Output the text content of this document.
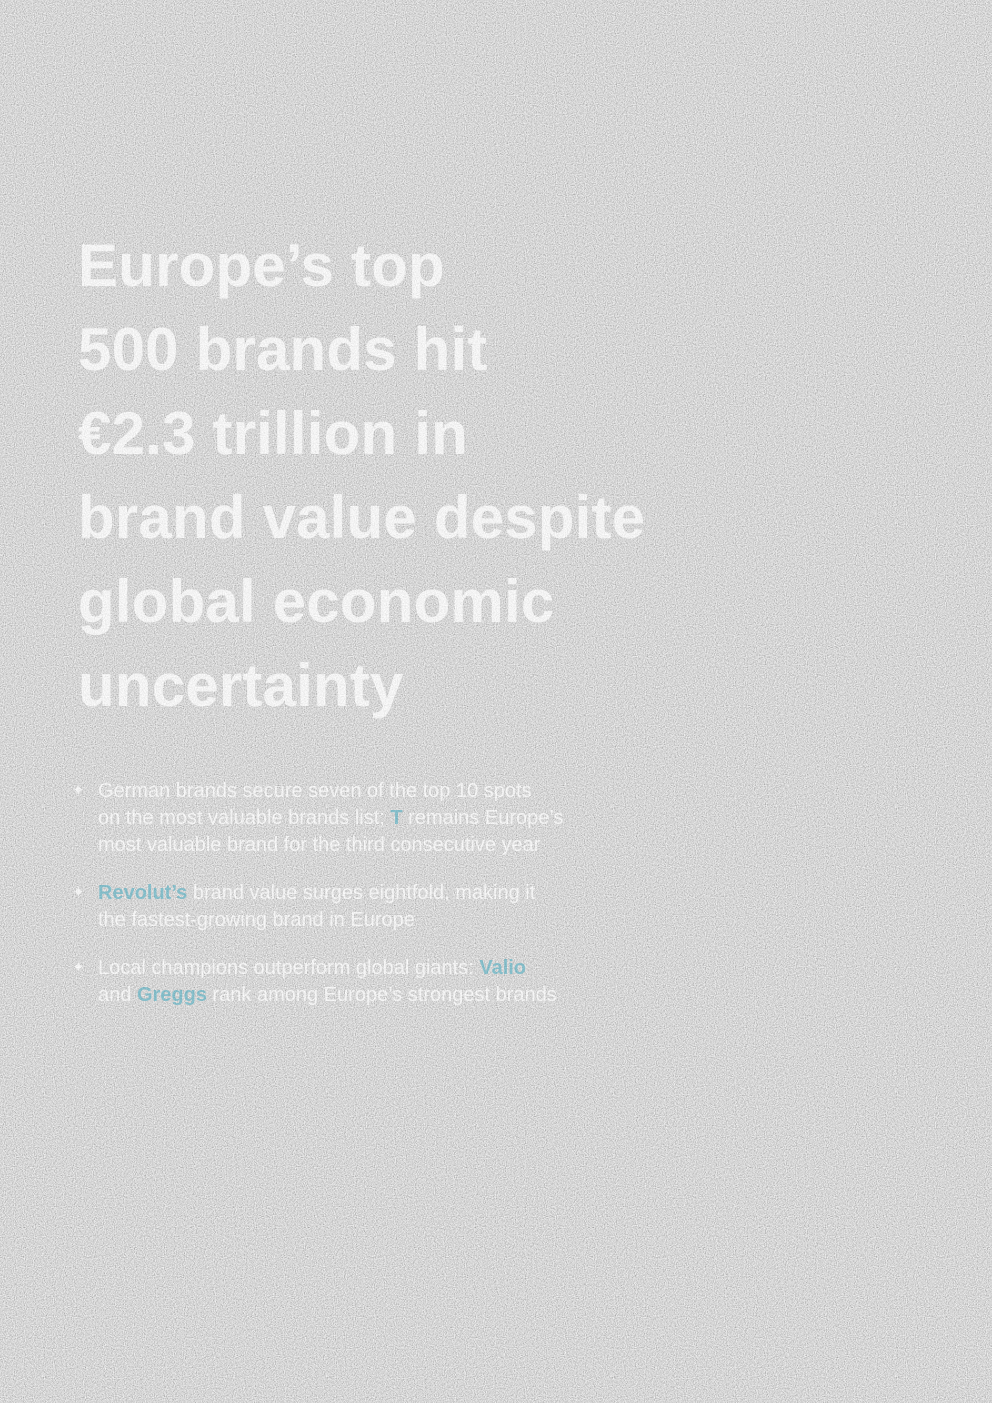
Europe’s top
500 brands hit
€2.3 trillion in
brand value despite
global economic
uncertainty
✦ German brands secure seven of the top 10 spots
on the most valuable brands list; T remains Europe’s
most valuable brand for the third consecutive year
✦ Revolut’s brand value surges eightfold, making it
the fastest-growing brand in Europe
✦ Local champions outperform global giants: Valio
and Greggs rank among Europe’s strongest brands
